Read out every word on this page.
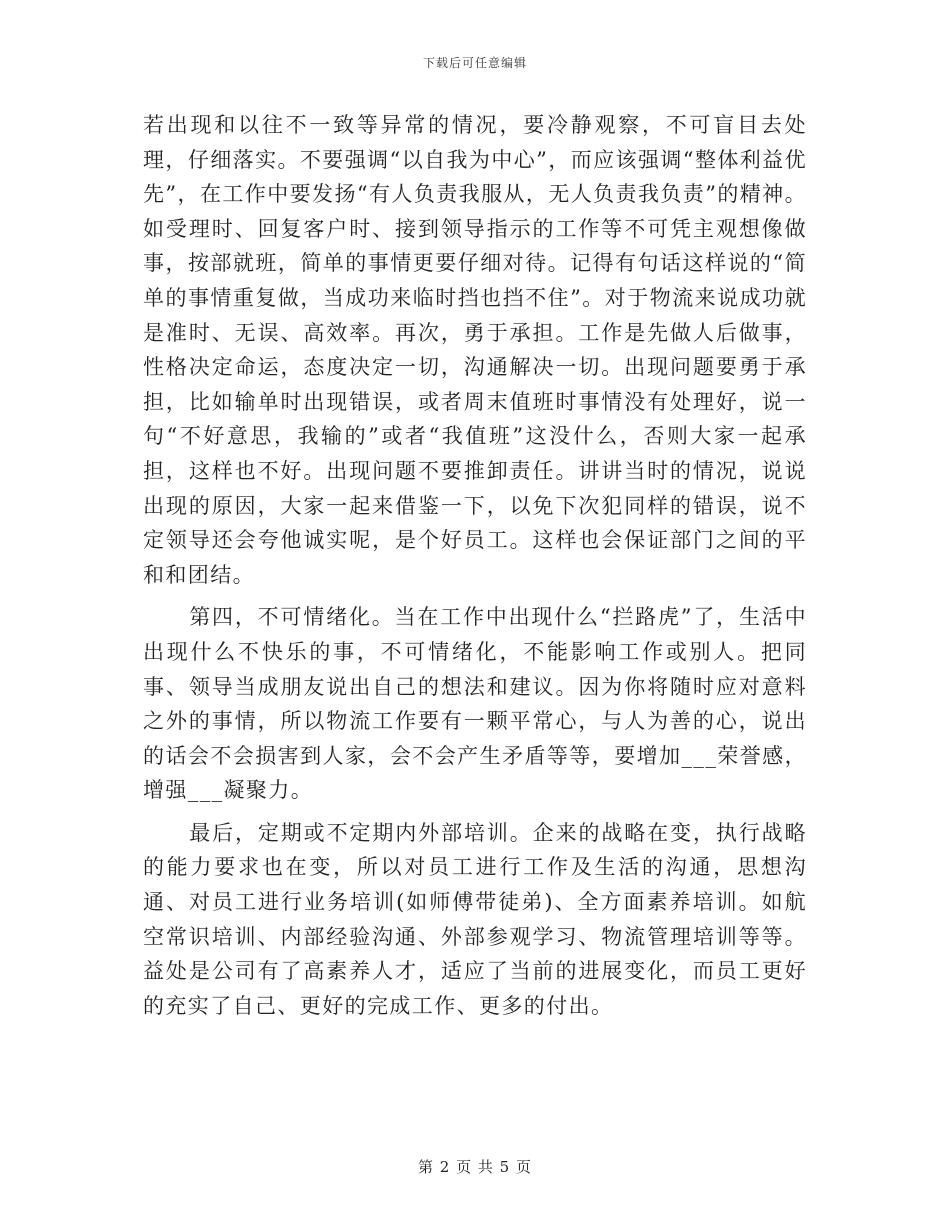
下载后可任意编辑

若出现和以往不一致等异常的情况，要冷静观察，不可盲目去处理，仔细落实。不要强调“以自我为中心”，而应该强调“整体利益优先”，在工作中要发扬“有人负责我服从，无人负责我负责”的精神。如受理时、回复客户时、接到领导指示的工作等不可凭主观想像做事，按部就班，简单的事情更要仔细对待。记得有句话这样说的“简单的事情重复做，当成功来临时挡也挡不住”。对于物流来说成功就是准时、无误、高效率。再次，勇于承担。工作是先做人后做事，性格决定命运，态度决定一切，沟通解决一切。出现问题要勇于承担，比如输单时出现错误，或者周末值班时事情没有处理好，说一句“不好意思，我输的”或者“我值班”这没什么，否则大家一起承担，这样也不好。出现问题不要推卸责任。讲讲当时的情况，说说出现的原因，大家一起来借鉴一下，以免下次犯同样的错误，说不定领导还会夸他诚实呢，是个好员工。这样也会保证部门之间的平和和团结。

第四，不可情绪化。当在工作中出现什么“拦路虎”了，生活中出现什么不快乐的事，不可情绪化，不能影响工作或别人。把同事、领导当成朋友说出自己的想法和建议。因为你将随时应对意料之外的事情，所以物流工作要有一颗平常心，与人为善的心，说出的话会不会损害到人家，会不会产生矛盾等等，要增加___荣誉感，增强___凝聚力。

最后，定期或不定期内外部培训。企来的战略在变，执行战略的能力要求也在变，所以对员工进行工作及生活的沟通，思想沟通、对员工进行业务培训(如师傅带徒弟)、全方面素养培训。如航空常识培训、内部经验沟通、外部参观学习、物流管理培训等等。益处是公司有了高素养人才，适应了当前的进展变化，而员工更好的充实了自己、更好的完成工作、更多的付出。

第 2 页 共 5 页
